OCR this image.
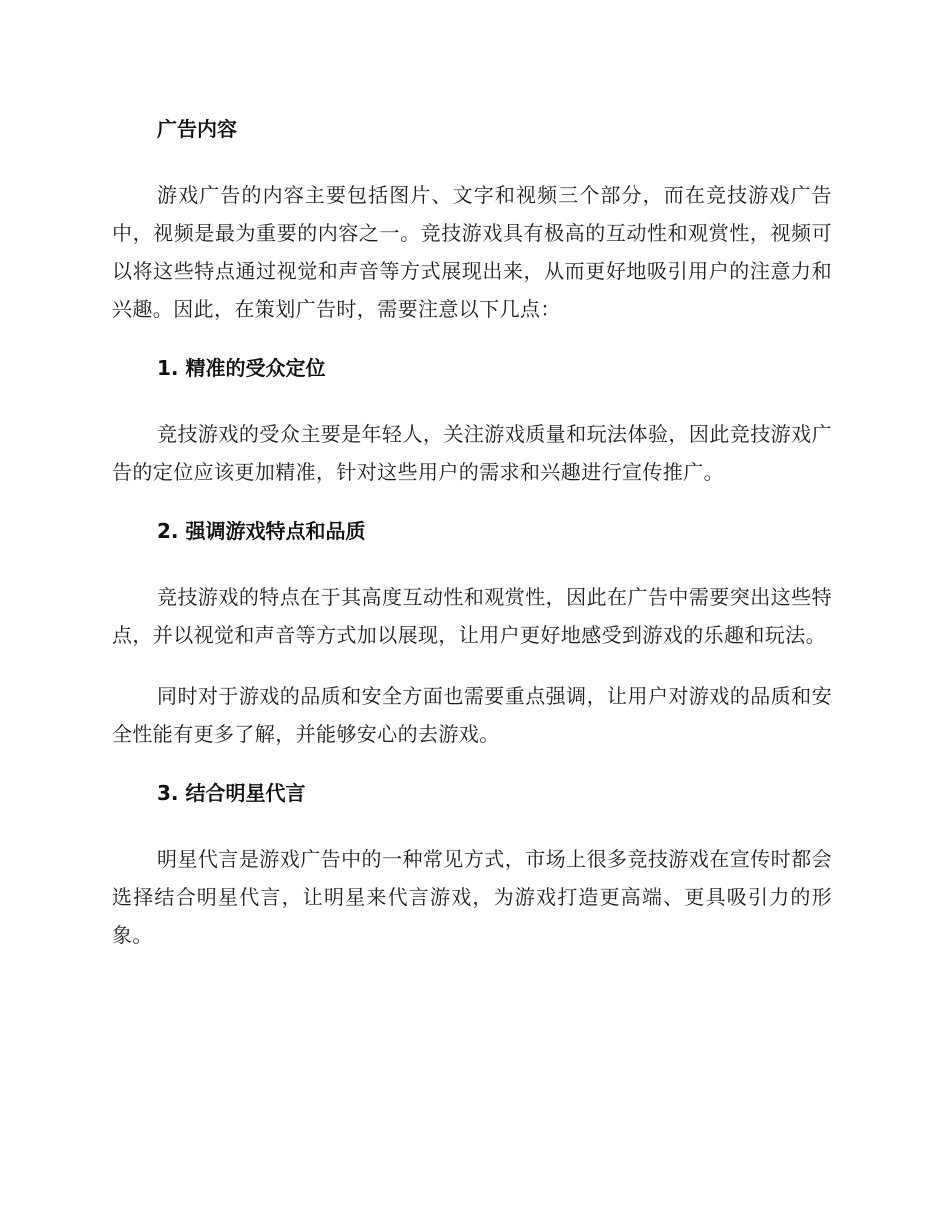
广告内容

游戏广告的内容主要包括图片、文字和视频三个部分，而在竞技游戏广告中，视频是最为重要的内容之一。竞技游戏具有极高的互动性和观赏性，视频可以将这些特点通过视觉和声音等方式展现出来，从而更好地吸引用户的注意力和兴趣。因此，在策划广告时，需要注意以下几点：

1. 精准的受众定位

竞技游戏的受众主要是年轻人，关注游戏质量和玩法体验，因此竞技游戏广告的定位应该更加精准，针对这些用户的需求和兴趣进行宣传推广。

2. 强调游戏特点和品质

竞技游戏的特点在于其高度互动性和观赏性，因此在广告中需要突出这些特点，并以视觉和声音等方式加以展现，让用户更好地感受到游戏的乐趣和玩法。

同时对于游戏的品质和安全方面也需要重点强调，让用户对游戏的品质和安全性能有更多了解，并能够安心的去游戏。

3. 结合明星代言

明星代言是游戏广告中的一种常见方式，市场上很多竞技游戏在宣传时都会选择结合明星代言，让明星来代言游戏，为游戏打造更高端、更具吸引力的形象。
